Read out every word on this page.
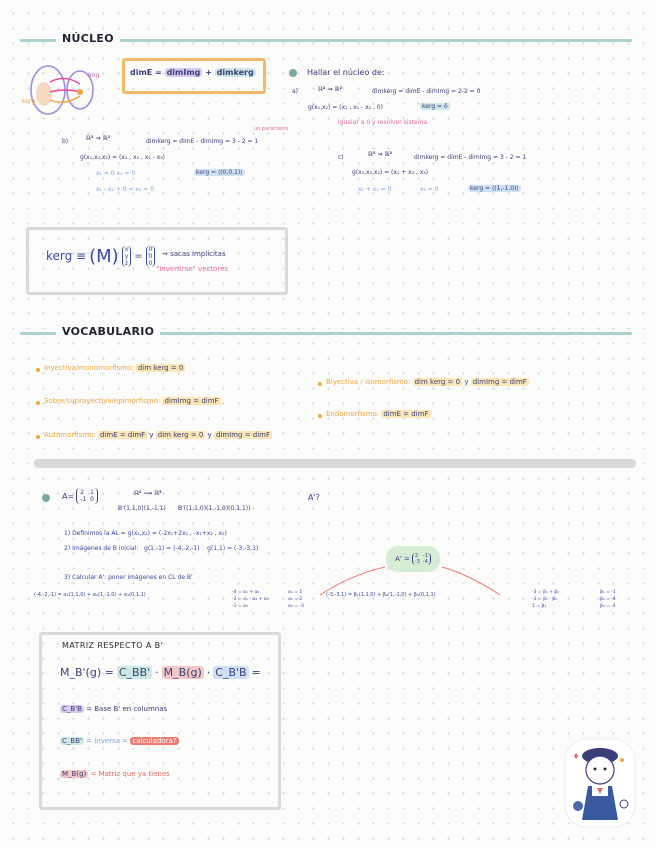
NÚCLEO
Img
kerg
dimE = dimImg + dimkerg	Hallar el núcleo de:
a)	ℝ² → ℝ²	dimkerg = dimE - dimImg = 2-2 = 0
g(x₁,x₂) = (x₁ , x₁ - x₂ , 0)	kerg = ō
Igualar a 0 y resolver sistema
b)	ℝ³ → ℝ²	dimkerg = dimE - dimImg = 3 - 2 = 1
un parámetro
g(x₁,x₂,x₃) = (x₁ , x₂ , x₂ - x₃)
x₁ = 0 x₂ = 0
x₁ - x₂ + 0 = x₂ = 0
kerg = ⟨(0,0,1)⟩
c)	ℝ³ → ℝ²	dimkerg = dimE - dimImg = 3 - 2 = 1
g(x₁,x₂,x₃) = (x₁ + x₂ , x₃)
x₁ + x₂ = 0	x₃ = 0	kerg = ⟨(1,-1,0)⟩
kerg ≡ (M) x
y
z
=
0
0
0
→ sacas implícitas
"Invertirse" vectores
VOCABULARIO
Inyectiva/monomorfismo: dim kerg = 0
Sobre/suprayectiva/epimorfismo: dimImg = dimF
Automorfismo: dimE = dimF y dim kerg = 0 y dimImg = dimF
Biyectiva / isomorfismo: dim kerg = 0 y dimImg = dimF
Endomorfismo: dimE = dimF
A= 2	1
-1 0
ℝ² ⟶ ℝ³
B'(1,1,0)(1,-1,1) B'((1,1,0)(1,-1,0)(0,1,1))
A'?
1) Definimos la AL = g(x₁,x₂) = (-2x₁+2x₂ , -x₁+x₂ , x₂)
2) Imágenes de B inicial: g(1,-1) = (-4,-2,-1) g(1,1) = (-3,-3,1)
3) Calcular A': poner imágenes en CL de B'
A' = 2 -1
-3 -4
(-4,-2,-1) = α₁(1,1,0) + α₂(1,-1,0) + α₃(0,1,1)	-4 = α₁ + α₂
-2 = α₁ - α₂ + α₃
-1 = α₃
α₁ = 1
α₂ = 2
α₃ = -3
(-3,-3,1) = β₁(1,1,0) + β₂(1,-1,0) + β₃(0,1,1)	-3 = β₁ + β₂
-3 = β₁ - β₂
1 = β₃
β₁ = -1
β₂ = -4
β₃ = -4
MATRIZ RESPECTO A B'
M_B'(g) = C_BB' · M_B(g) · C_B'B =
C_B'B = Base B' en columnas
C_BB' = Inversa = calculadora?
M_B(g) = Matriz que ya tienes
